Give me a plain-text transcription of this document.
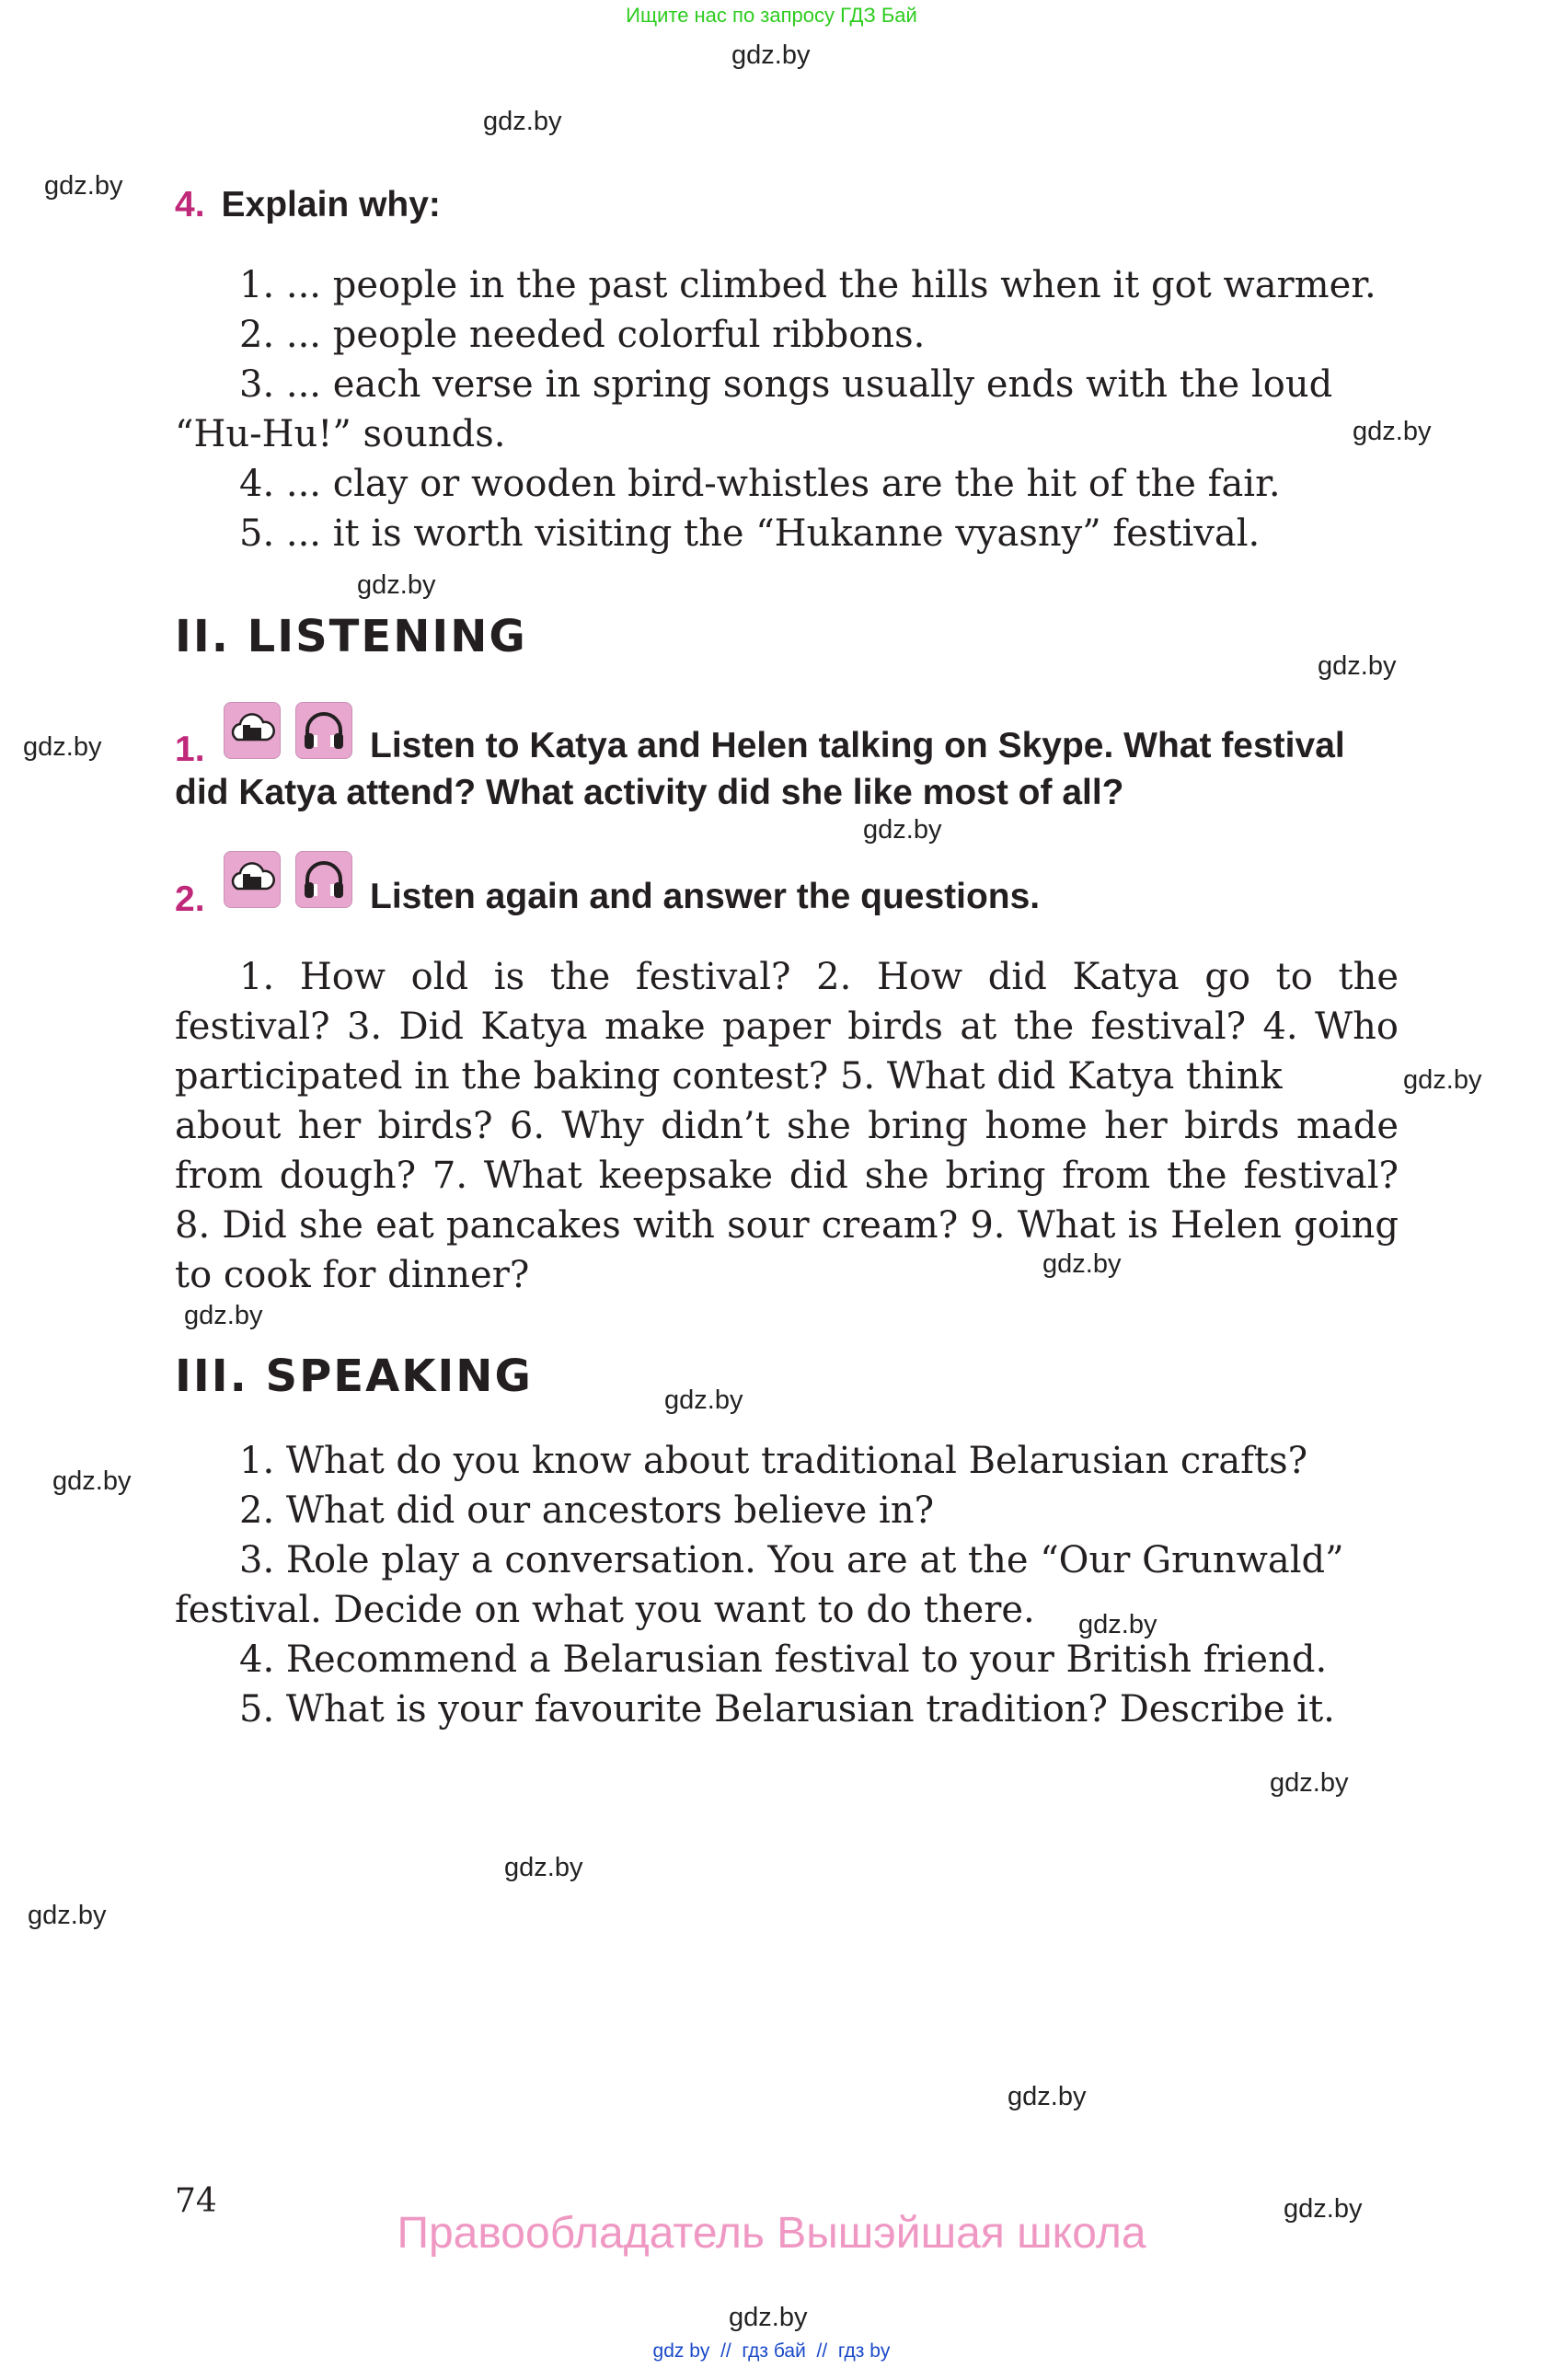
Ищите нас по запросу ГДЗ Бай
gdz.by
gdz.by
gdz.by
gdz.by
gdz.by
gdz.by
gdz.by
gdz.by
gdz.by
gdz.by
gdz.by
gdz.by
gdz.by
gdz.by
gdz.by
gdz.by
gdz.by
gdz.by
gdz.by
gdz.by
4. Explain why:
1. ... people in the past climbed the hills when it got warmer.
2. ... people needed colorful ribbons.
3. ... each verse in spring songs usually ends with the loud
“Hu-Hu!” sounds.
4. ... clay or wooden bird-whistles are the hit of the fair.
5. ... it is worth visiting the “Hukanne vyasny” festival.
II. LISTENING
1.	Listen to Katya and Helen talking on Skype. What festival
did Katya attend? What activity did she like most of all?
2.	Listen again and answer the questions.
1. How old is the festival? 2. How did Katya go to the
festival? 3. Did Katya make paper birds at the festival? 4. Who
participated in the baking contest? 5. What did Katya think
about her birds? 6. Why didn’t she bring home her birds made
from dough? 7. What keepsake did she bring from the festival?
8. Did she eat pancakes with sour cream? 9. What is Helen going
to cook for dinner?
III. SPEAKING
1. What do you know about traditional Belarusian crafts?
2. What did our ancestors believe in?
3. Role play a conversation. You are at the “Our Grunwald”
festival. Decide on what you want to do there.
4. Recommend a Belarusian festival to your British friend.
5. What is your favourite Belarusian tradition? Describe it.
74
Правообладатель Вышэйшая школа
gdz by  //  гдз бай  //  гдз by
